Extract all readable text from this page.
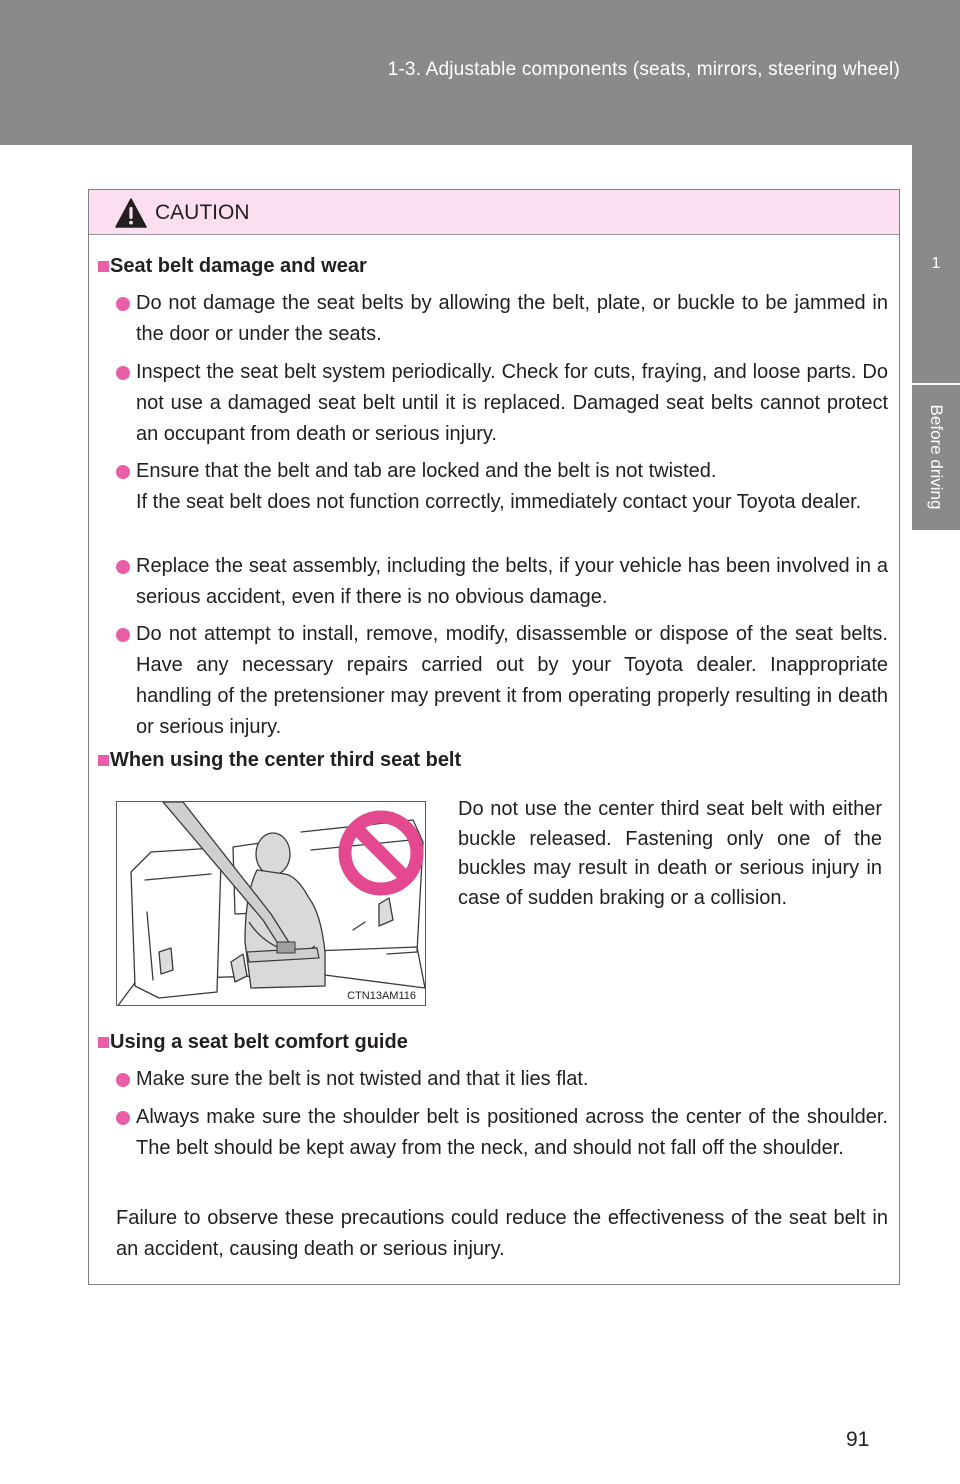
1-3. Adjustable components (seats, mirrors, steering wheel)
1
Before driving
CAUTION
Seat belt damage and wear
Do not damage the seat belts by allowing the belt, plate, or buckle to be jammed in the door or under the seats.
Inspect the seat belt system periodically. Check for cuts, fraying, and loose parts. Do not use a damaged seat belt until it is replaced. Damaged seat belts cannot protect an occupant from death or serious injury.
Ensure that the belt and tab are locked and the belt is not twisted.
If the seat belt does not function correctly, immediately contact your Toyota dealer.
Replace the seat assembly, including the belts, if your vehicle has been involved in a serious accident, even if there is no obvious damage.
Do not attempt to install, remove, modify, disassemble or dispose of the seat belts. Have any necessary repairs carried out by your Toyota dealer. Inappropriate handling of the pretensioner may prevent it from operating properly resulting in death or serious injury.
When using the center third seat belt
CTN13AM116
Do not use the center third seat belt with either buckle released. Fastening only one of the buckles may result in death or serious injury in case of sudden braking or a collision.
Using a seat belt comfort guide
Make sure the belt is not twisted and that it lies flat.
Always make sure the shoulder belt is positioned across the center of the shoulder. The belt should be kept away from the neck, and should not fall off the shoulder.
Failure to observe these precautions could reduce the effectiveness of the seat belt in an accident, causing death or serious injury.
91
